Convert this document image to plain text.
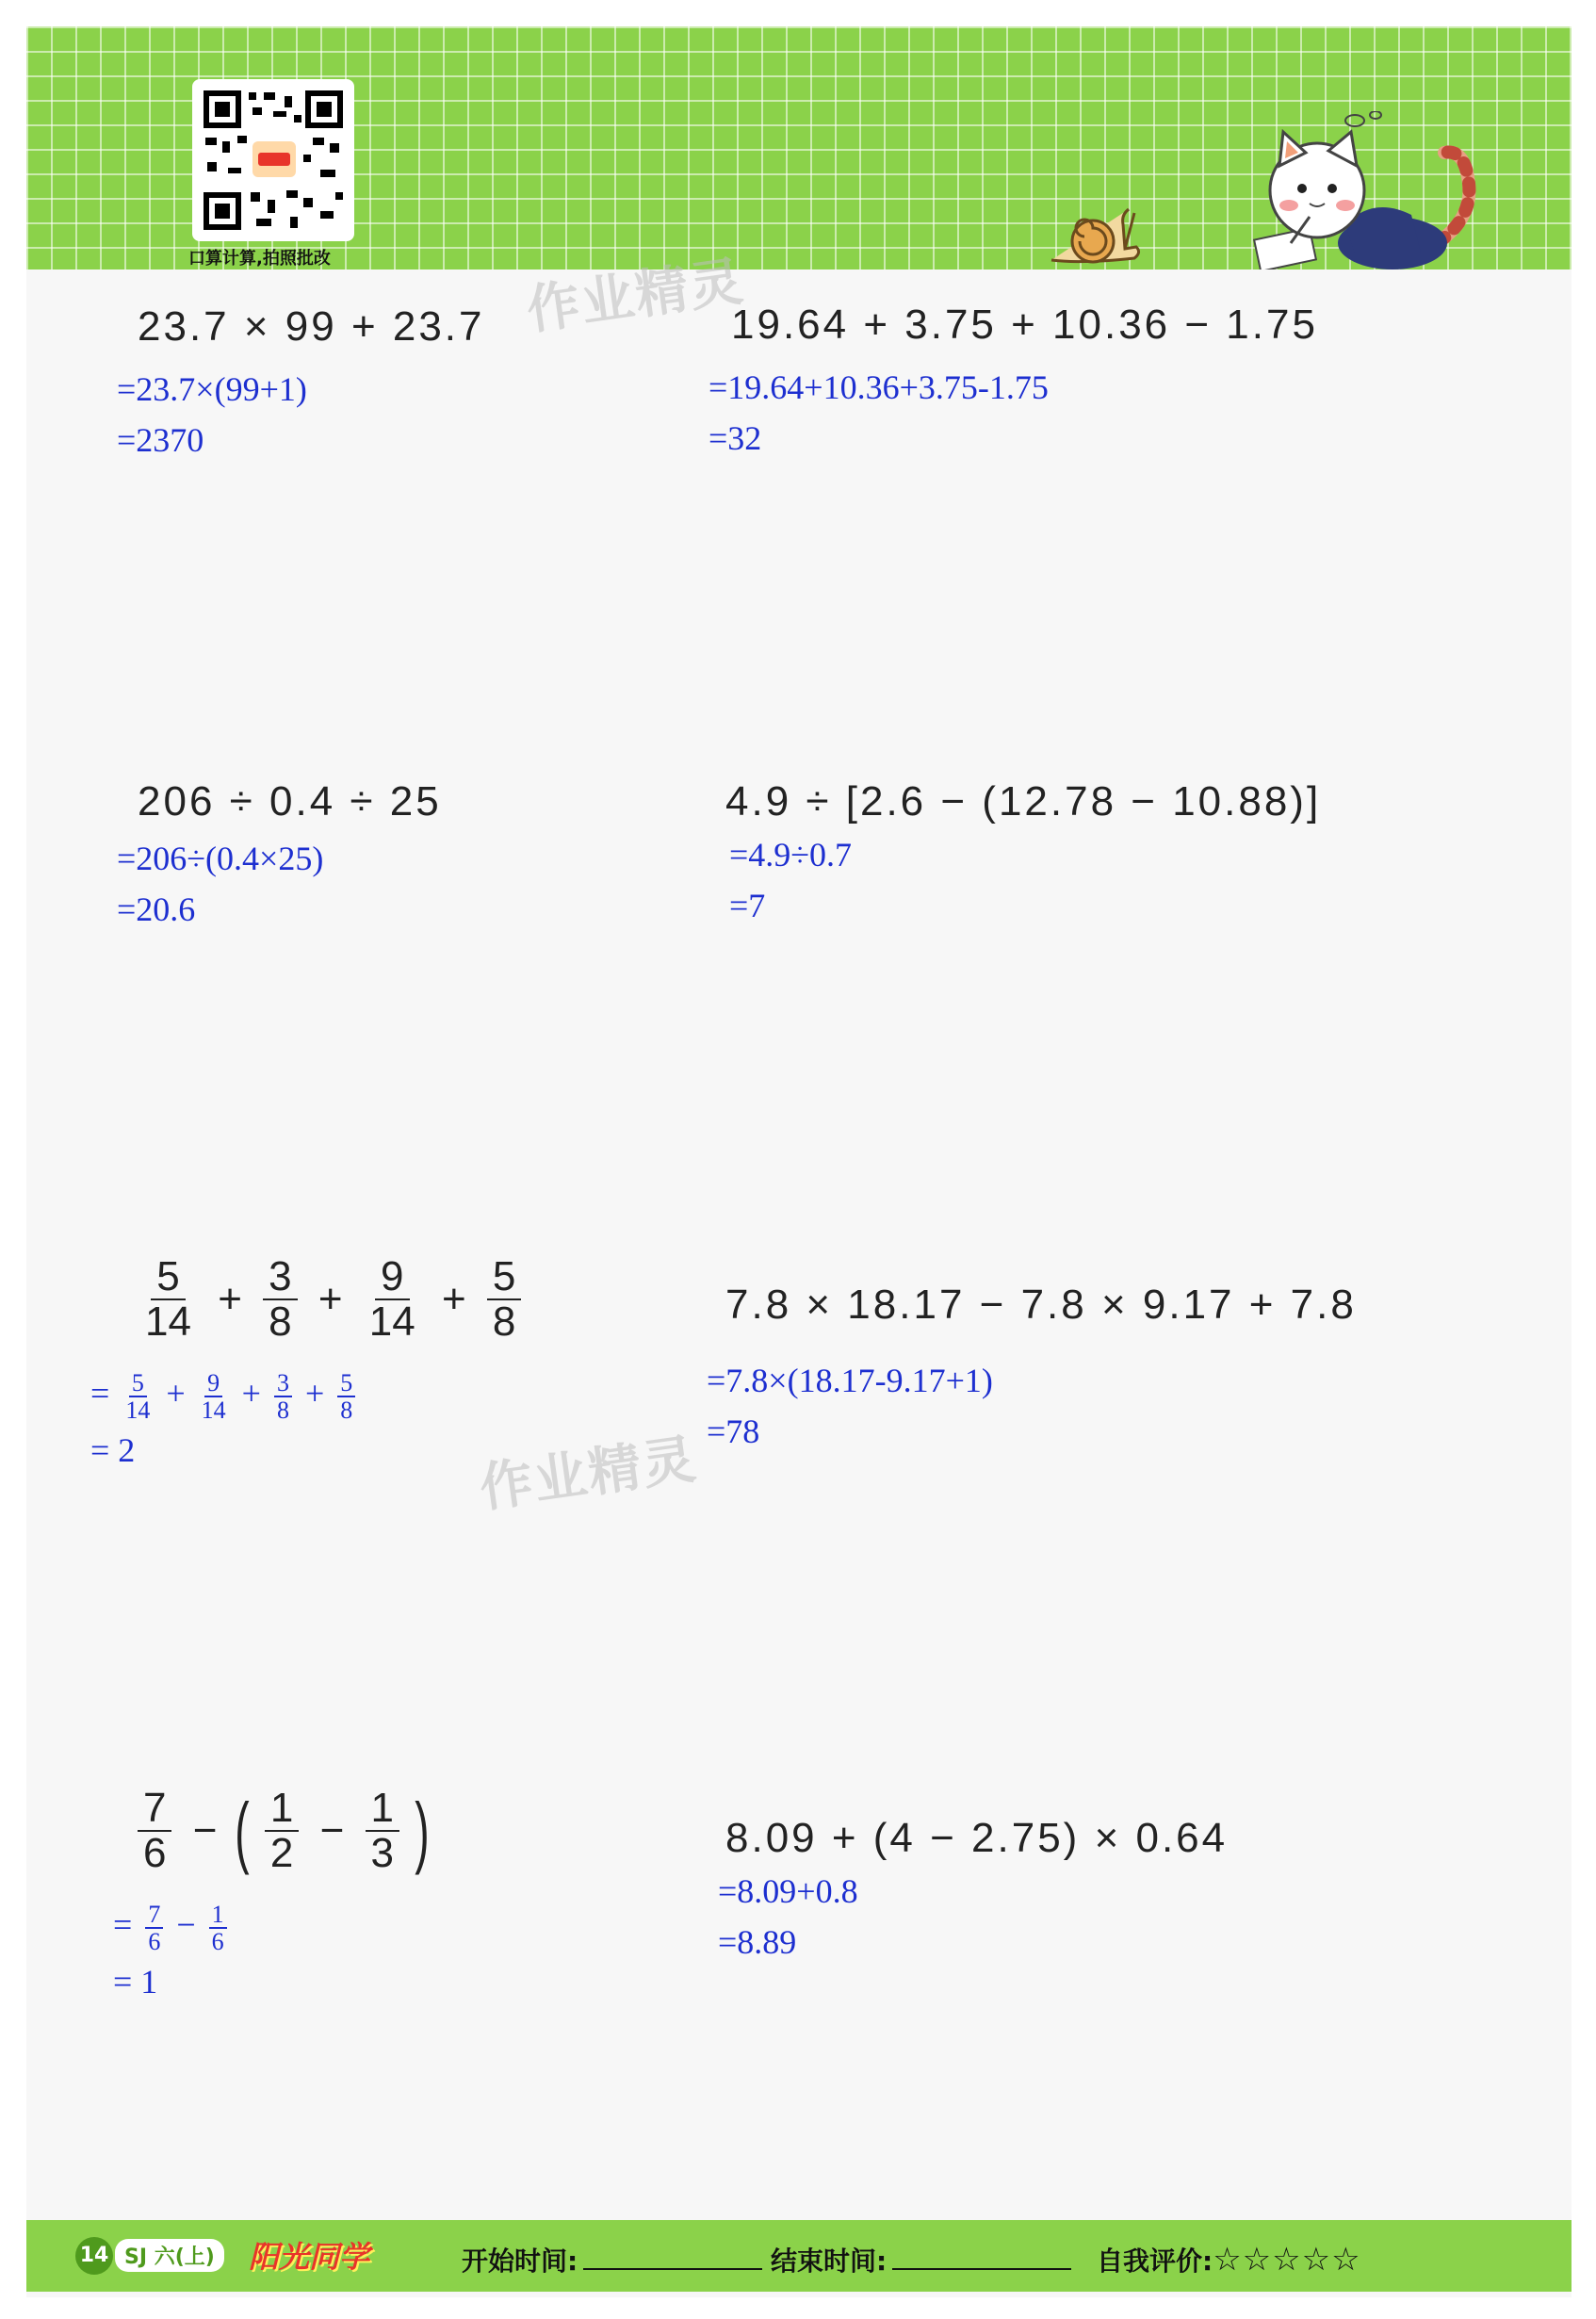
口算计算,拍照批改	作业精灵
作业精灵
23.7 × 99 + 23.7
=23.7×(99+1)
=2370
19.64 + 3.75 + 10.36 − 1.75
=19.64+10.36+3.75-1.75
=32
206 ÷ 0.4 ÷ 25
=206÷(0.4×25)
=20.6
4.9 ÷ [2.6 − (12.78 − 10.88)]
=4.9÷0.7
=7
$\frac{5}{14} + \frac{3}{8} + \frac{9}{14} + \frac{5}{8}$
= $\frac{5}{14} + \frac{9}{14} + \frac{3}{8} + \frac{5}{8}$
= 2
7.8 × 18.17 − 7.8 × 9.17 + 7.8
=7.8×(18.17-9.17+1)
=78
$\frac{7}{6}$ − ( $\frac{1}{2} - \frac{1}{3}$ )
= $\frac{7}{6} - \frac{1}{6}$
= 1
8.09 + (4 − 2.75) × 0.64
=8.09+0.8
=8.89
14 SJ 六(上)	阳光同学	开始时间:	结束时间:	自我评价:☆☆☆☆☆
